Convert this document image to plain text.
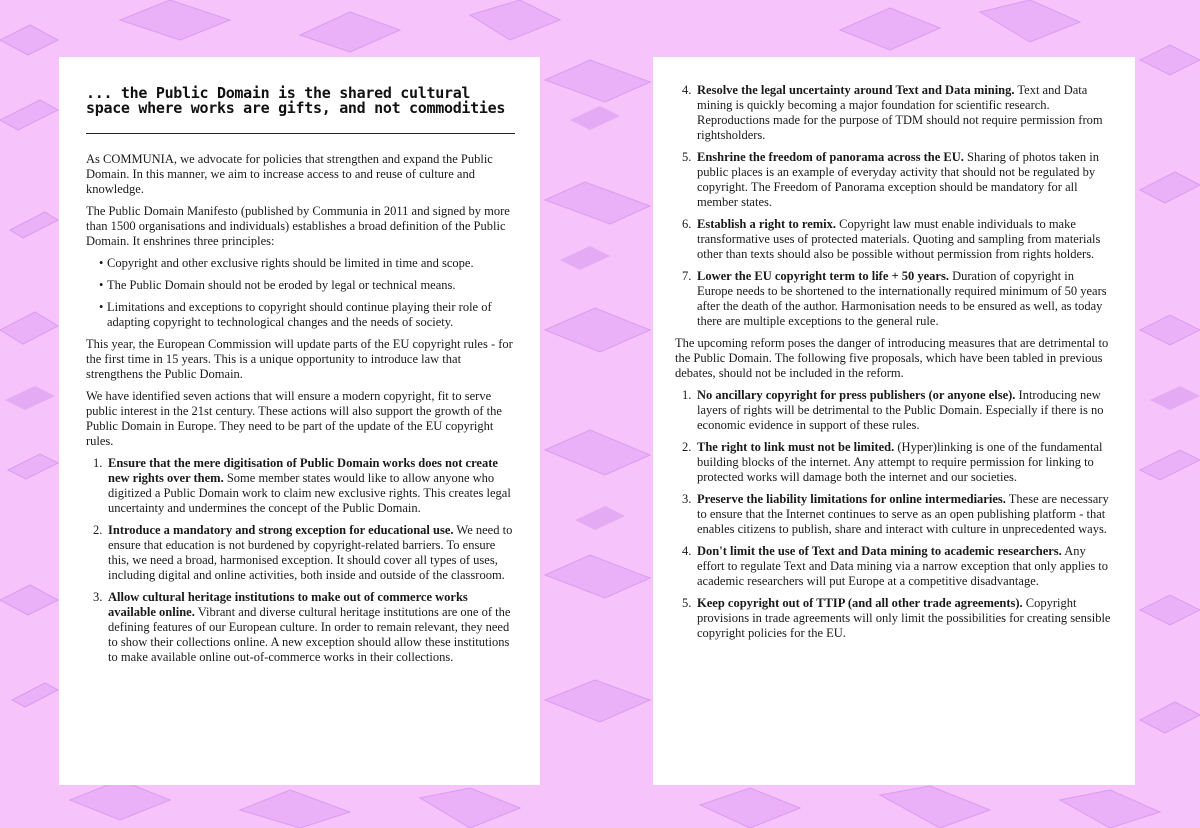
... the Public Domain is the shared cultural space where works are gifts, and not commodities

As COMMUNIA, we advocate for policies that strengthen and expand the Public Domain. In this manner, we aim to increase access to and reuse of culture and knowledge.

The Public Domain Manifesto (published by Communia in 2011 and signed by more than 1500 organisations and individuals) establishes a broad definition of the Public Domain. It enshrines three principles:

• Copyright and other exclusive rights should be limited in time and scope.
• The Public Domain should not be eroded by legal or technical means.
• Limitations and exceptions to copyright should continue playing their role of adapting copyright to technological changes and the needs of society.

This year, the European Commission will update parts of the EU copyright rules - for the first time in 15 years. This is a unique opportunity to introduce law that strengthens the Public Domain.

We have identified seven actions that will ensure a modern copyright, fit to serve public interest in the 21st century. These actions will also support the growth of the Public Domain in Europe. They need to be part of the update of the EU copyright rules.

1. Ensure that the mere digitisation of Public Domain works does not create new rights over them. Some member states would like to allow anyone who digitized a Public Domain work to claim new exclusive rights. This creates legal uncertainty and undermines the concept of the Public Domain.
2. Introduce a mandatory and strong exception for educational use. We need to ensure that education is not burdened by copyright-related barriers. To ensure this, we need a broad, harmonised exception. It should cover all types of uses, including digital and online activities, both inside and outside of the classroom.
3. Allow cultural heritage institutions to make out of commerce works available online. Vibrant and diverse cultural heritage institutions are one of the defining features of our European culture. In order to remain relevant, they need to show their collections online. A new exception should allow these institutions to make available online out-of-commerce works in their collections.
4. Resolve the legal uncertainty around Text and Data mining. Text and Data mining is quickly becoming a major foundation for scientific research. Reproductions made for the purpose of TDM should not require permission from rightsholders.
5. Enshrine the freedom of panorama across the EU. Sharing of photos taken in public places is an example of everyday activity that should not be regulated by copyright. The Freedom of Panorama exception should be mandatory for all member states.
6. Establish a right to remix. Copyright law must enable individuals to make transformative uses of protected materials. Quoting and sampling from materials other than texts should also be possible without permission from rights holders.
7. Lower the EU copyright term to life + 50 years. Duration of copyright in Europe needs to be shortened to the internationally required minimum of 50 years after the death of the author. Harmonisation needs to be ensured as well, as today there are multiple exceptions to the general rule.

The upcoming reform poses the danger of introducing measures that are detrimental to the Public Domain. The following five proposals, which have been tabled in previous debates, should not be included in the reform.

1. No ancillary copyright for press publishers (or anyone else). Introducing new layers of rights will be detrimental to the Public Domain. Especially if there is no economic evidence in support of these rules.
2. The right to link must not be limited. (Hyper)linking is one of the fundamental building blocks of the internet. Any attempt to require permission for linking to protected works will damage both the internet and our societies.
3. Preserve the liability limitations for online intermediaries. These are necessary to ensure that the Internet continues to serve as an open publishing platform - that enables citizens to publish, share and interact with culture in unprecedented ways.
4. Don't limit the use of Text and Data mining to academic researchers. Any effort to regulate Text and Data mining via a narrow exception that only applies to academic researchers will put Europe at a competitive disadvantage.
5. Keep copyright out of TTIP (and all other trade agreements). Copyright provisions in trade agreements will only limit the possibilities for creating sensible copyright policies for the EU.
